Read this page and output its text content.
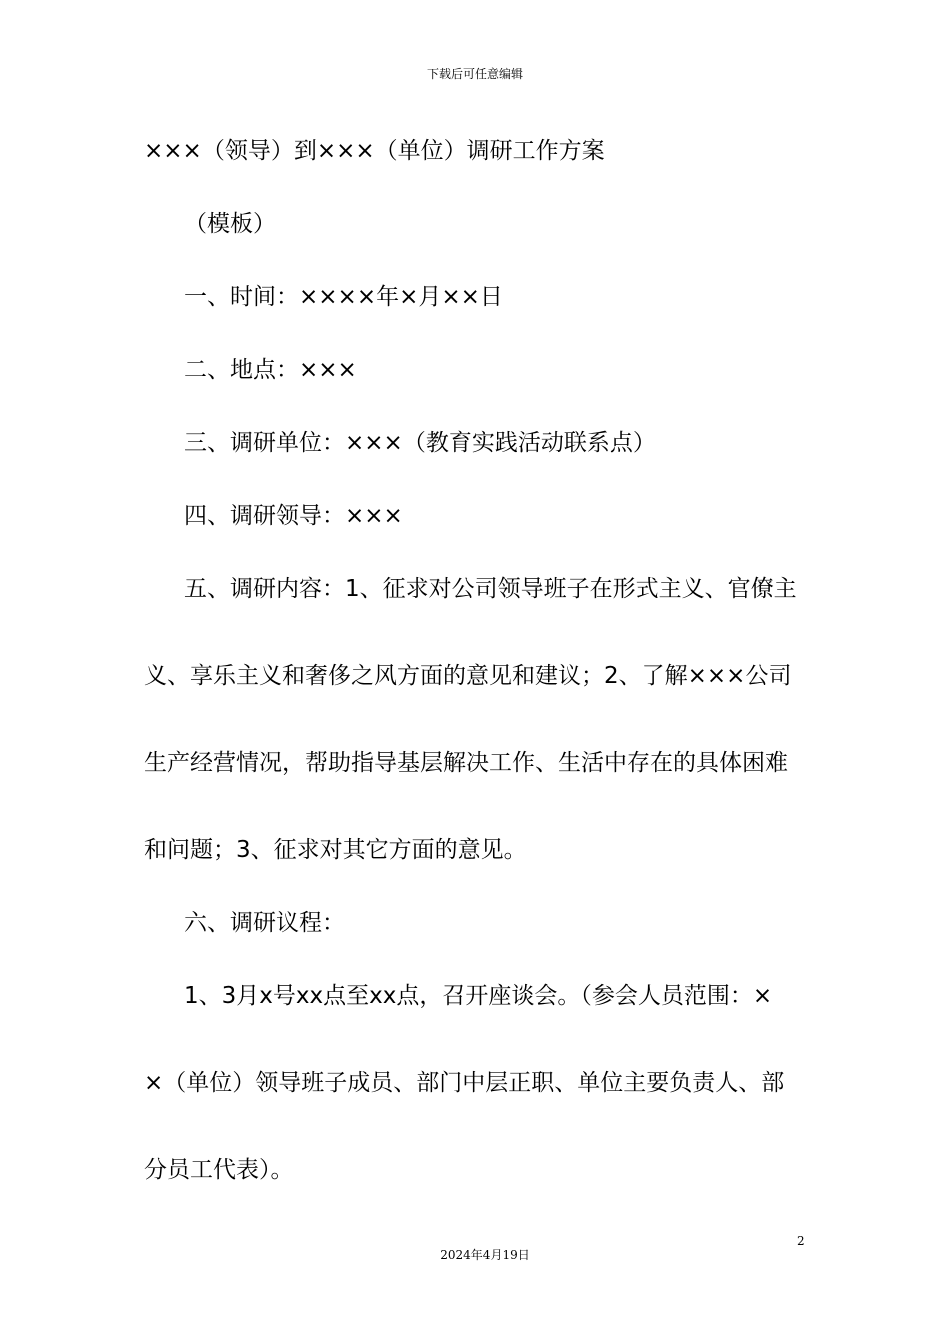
下载后可任意编辑
×××（领导）到×××（单位）调研工作方案
（模板）
一、时间：××××年×月××日
二、地点：×××
三、调研单位：×××（教育实践活动联系点）
四、调研领导：×××
五、调研内容：1、征求对公司领导班子在形式主义、官僚主
义、享乐主义和奢侈之风方面的意见和建议；2、了解×××公司
生产经营情况，帮助指导基层解决工作、生活中存在的具体困难
和问题；3、征求对其它方面的意见。
六、调研议程：
1、3月x号xx点至xx点，召开座谈会。（参会人员范围：×
×（单位）领导班子成员、部门中层正职、单位主要负责人、部
分员工代表）。
2
2024年4月19日
